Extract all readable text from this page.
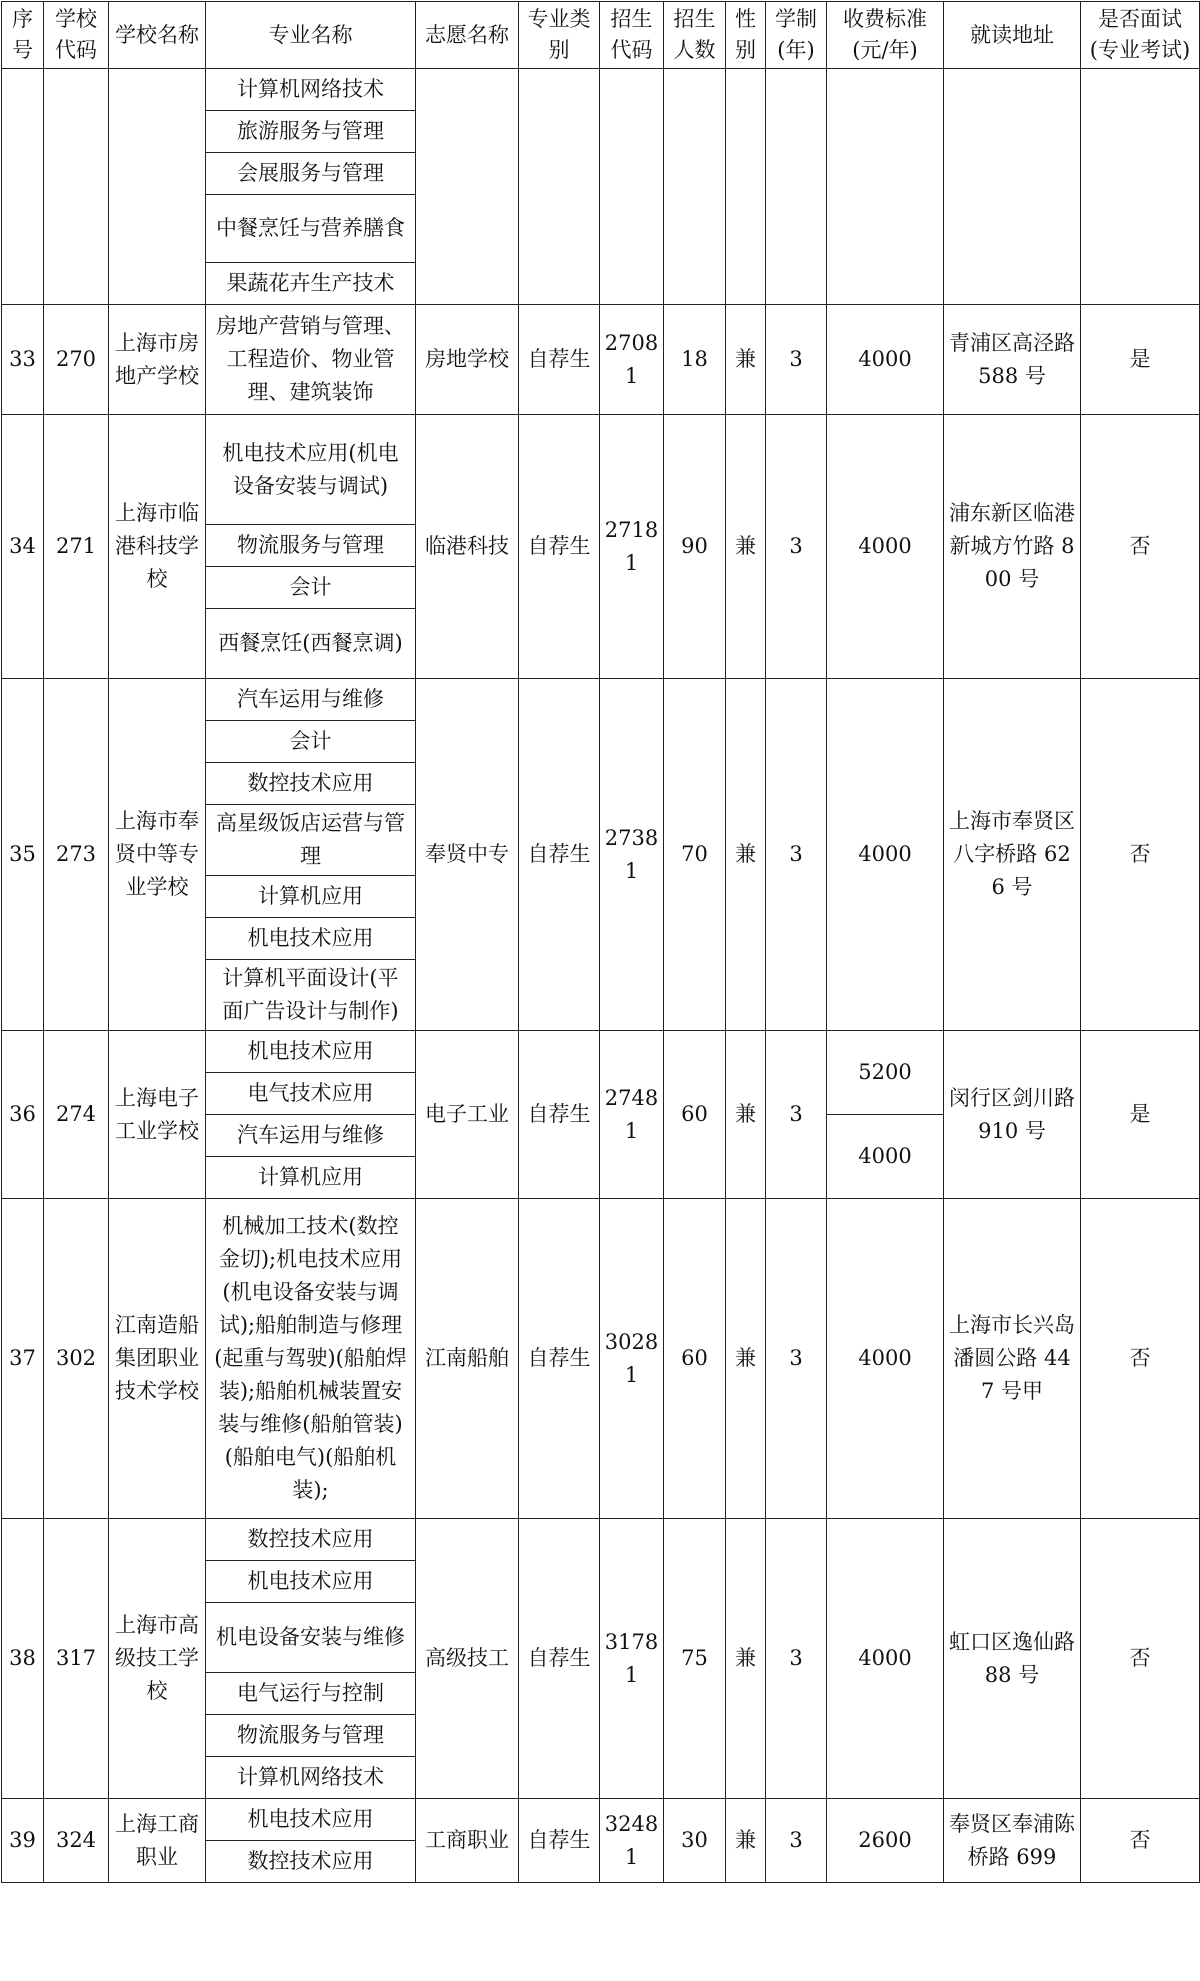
序号	学校代码	学校名称	专业名称	志愿名称	专业类别	招生代码	招生人数	性别	学制(年)	收费标准(元/年)	就读地址	是否面试(专业考试)
			计算机网络技术									
			旅游服务与管理									
			会展服务与管理									
			中餐烹饪与营养膳食									
			果蔬花卉生产技术									
33	270	上海市房地产学校	房地产营销与管理、工程造价、物业管理、建筑装饰	房地学校	自荐生	27081	18	兼	3	4000	青浦区高泾路 588 号	是
34	271	上海市临港科技学校	机电技术应用(机电设备安装与调试)	临港科技	自荐生	27181	90	兼	3	4000	浦东新区临港新城方竹路 800 号	否
			物流服务与管理									
			会计									
			西餐烹饪(西餐烹调)									
35	273	上海市奉贤中等专业学校	汽车运用与维修	奉贤中专	自荐生	27381	70	兼	3	4000	上海市奉贤区八字桥路 626 号	否
			会计									
			数控技术应用									
			高星级饭店运营与管理									
			计算机应用									
			机电技术应用									
			计算机平面设计(平面广告设计与制作)									
36	274	上海电子工业学校	机电技术应用	电子工业	自荐生	27481	60	兼	3	5200	闵行区剑川路 910 号	是
			电气技术应用									
			汽车运用与维修							4000		
			计算机应用									
37	302	江南造船集团职业技术学校	机械加工技术(数控金切);机电技术应用(机电设备安装与调试);船舶制造与修理(起重与驾驶)(船舶焊装);船舶机械装置安装与维修(船舶管装)(船舶电气)(船舶机装);	江南船舶	自荐生	30281	60	兼	3	4000	上海市长兴岛潘圆公路 447 号甲	否
38	317	上海市高级技工学校	数控技术应用	高级技工	自荐生	31781	75	兼	3	4000	虹口区逸仙路 88 号	否
			机电技术应用									
			机电设备安装与维修									
			电气运行与控制									
			物流服务与管理									
			计算机网络技术									
39	324	上海工商职业	机电技术应用	工商职业	自荐生	32481	30	兼	3	2600	奉贤区奉浦陈桥路 699	否
			数控技术应用									
